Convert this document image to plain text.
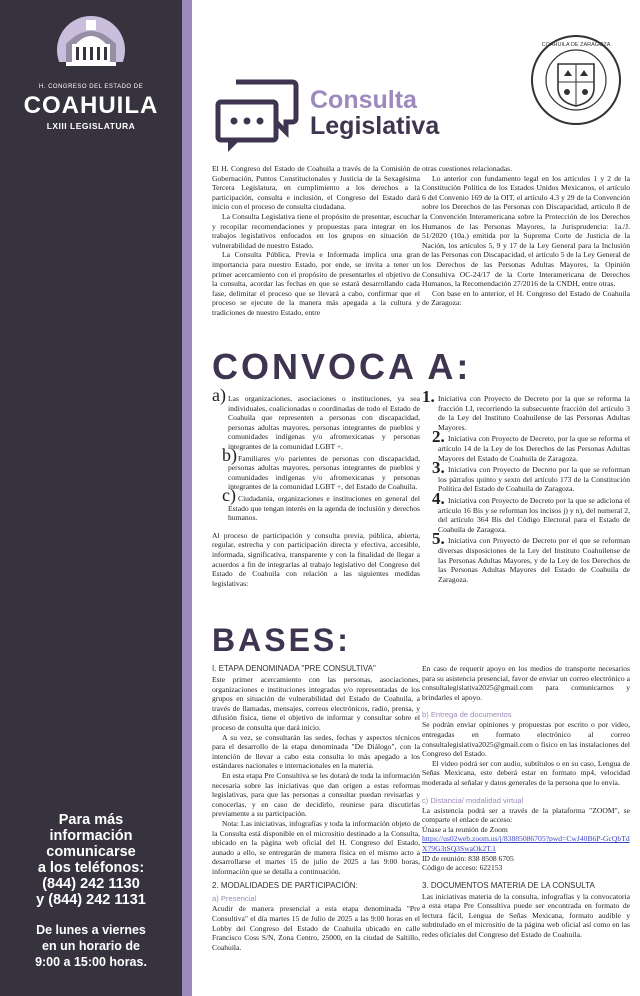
H. CONGRESO DEL ESTADO DE
COAHUILA
LXIII LEGISLATURA
Para más
información
comunicarse
a los teléfonos:
(844) 242 1130
y (844) 242 1131
De lunes a viernes
en un horario de
9:00 a 15:00 horas.
Consulta
Legislativa
COAHUILA DE ZARAGOZA

El H. Congreso del Estado de Coahuila a través de la Comisión de Gobernación, Puntos Constitucionales y Justicia de la Sexagésima Tercera Legislatura, en cumplimiento a los derechos a la participación, consulta e inclusión, el Congreso del Estado dará inicio con el proceso de consulta ciudadana.

La Consulta Legislativa tiene el propósito de presentar, escuchar y recopilar recomendaciones y propuestas para integrar en los trabajos legislativos enfocados en los grupos en situación de vulnerabilidad de nuestro Estado.

La Consulta Pública, Previa e Informada implica una gran importancia para nuestro Estado, por ende, se invita a tener un primer acercamiento con el propósito de presentarles el objetivo de la consulta, acordar las fechas en que se estará desarrollando cada fase, delimitar el proceso que se llevará a cabo, confirmar que el proceso se ejecute de la manera más apegada a la cultura y tradiciones de nuestro Estado, entre

otras cuestiones relacionadas.

Lo anterior con fundamento legal en los artículos 1 y 2 de la Constitución Política de los Estados Unidos Mexicanos, el artículo 6 del Convenio 169 de la OIT, el artículo 4.3 y 29 de la Convención sobre los Derechos de las Personas con Discapacidad, artículo 8 de la Convención Interamericana sobre la Protección de los Derechos Humanos de las Personas Mayores, la Jurisprudencia: 1a./J. 51/2020 (10a.) emitida por la Suprema Corte de Justicia de la Nación, los artículos 5, 9 y 17 de la Ley General para la Inclusión de las Personas con Discapacidad, el artículo 5 de la Ley General de los Derechos de las Personas Adultas Mayores, la Opinión Consultiva OC-24/17 de la Corte Interamericana de Derechos Humanos, la Recomendación 27/2016 de la CNDH, entre otras.

Con base en lo anterior, el H. Congreso del Estado de Coahuila de Zaragoza:

CONVOCA A:
a) Las organizaciones, asociaciones o instituciones, ya sea individuales, coalicionadas o coordinadas de todo el Estado de Coahuila que representen a personas con discapacidad, personas adultas mayores, personas integrantes de pueblos y comunidades indígenas y/o afromexicanas y personas integrantes de la comunidad LGBT +.
b) Familiares y/o parientes de personas con discapacidad, personas adultas mayores, personas integrantes de pueblos y comunidades indígenas y/o afromexicanas y personas integrantes de la comunidad LGBT +, del Estado de Coahuila.
c) Ciudadanía, organizaciones e instituciones en general del Estado que tengan interés en la agenda de inclusión y derechos humanos.

Al proceso de participación y consulta previa, pública, abierta, regular, estrecha y con participación directa y efectiva, accesible, informada, significativa, transparente y con la finalidad de llegar a acuerdos a fin de integrarlas al trabajo legislativo del Congreso del Estado de Coahuila con relación a las siguientes medidas legislativas:

1. Iniciativa con Proyecto de Decreto por la que se reforma la fracción LI, recorriendo la subsecuente fracción del artículo 3 de la Ley del Instituto Coahuilense de las Personas Adultas Mayores.
2. Iniciativa con Proyecto de Decreto, por la que se reforma el artículo 14 de la Ley de los Derechos de las Personas Adultas Mayores del Estado de Coahuila de Zaragoza.
3. Iniciativa con Proyecto de Decreto por la que se reforman los párrafos quinto y sexto del artículo 173 de la Constitución Política del Estado de Coahuila de Zaragoza.
4. Iniciativa con Proyecto de Decreto por la que se adiciona el artículo 16 Bis y se reforman los incisos j) y n), del numeral 2, del artículo 364 Bis del Código Electoral para el Estado de Coahuila de Zaragoza.
5. Iniciativa con Proyecto de Decreto por el que se reforman diversas disposiciones de la Ley del Instituto Coahuilense de las Personas Adultas Mayores, y de la Ley de los Derechos de las Personas Adultas Mayores del Estado de Coahuila de Zaragoza.
BASES:
I. ETAPA DENOMINADA "PRE CONSULTIVA"

Este primer acercamiento con las personas, asociaciones, organizaciones e instituciones integradas y/o representadas de los grupos en situación de vulnerabilidad del Estado de Coahuila, a través de llamadas, mensajes, correos electrónicos, radio, prensa, y difusión física, tiene el objetivo de informar y consultar sobre el proceso de consulta que dará inicio.

A su vez, se consultarán las sedes, fechas y aspectos técnicos para el desarrollo de la etapa denominada "De Diálogo", con la intención de llevar a cabo esta consulta lo más apegado a los estándares nacionales e internacionales en la materia.

En esta etapa Pre Consultiva se les dotará de toda la información necesaria sobre las iniciativas que dan origen a estas reformas legislativas, para que las personas a consultar puedan revisarlas y conocerlas, y en caso de decidirlo, reunirse para discutirlas previamente a su participación.

Nota: Las iniciativas, infografías y toda la información objeto de la Consulta está disponible en el micrositio destinado a la Consulta, ubicado en la página web oficial del H. Congreso del Estado, aunado a ello, se entregarán de manera física en el mismo acto a desarrollarse el martes 15 de julio de 2025 a las 9:00 horas, información que se detalla a continuación.

2. MODALIDADES DE PARTICIPACIÓN:
a) Presencial

Acudir de manera presencial a esta etapa denominada "Pre Consultiva" el día martes 15 de Julio de 2025 a las 9:00 horas en el Lobby del Congreso del Estado de Coahuila ubicado en calle Francisco Coss S/N, Zona Centro, 25000, en la ciudad de Saltillo, Coahuila.

En caso de requerir apoyo en los medios de transporte necesarios para su asistencia presencial, favor de enviar un correo electrónico a consultalegislativa2025@gmail.com para comunicarnos y brindarles el apoyo.

b) Entrega de documentos

Se podrán enviar opiniones y propuestas por escrito o por video, entregadas en formato electrónico al correo consultalegislativa2025@gmail.com o físico en las instalaciones del Congreso del Estado.

El video podrá ser con audio, subtítulos o en su caso, Lengua de Señas Mexicana, este deberá estar en formato mp4, velocidad moderada al señalar y datos generales de la persona que lo envía.

c) Distancia/ modalidad virtual

La asistencia podrá ser a través de la plataforma "ZOOM", se comparte el enlace de acceso:

Únase a la reunión de Zoom

https://us02web.zoom.us/j/83885086705?pwd=CwJ40B6P-GcQbTdX79G3tSQ3SwaOk2T.1

ID de reunión: 838 8508 6705

Código de acceso: 622153

3. DOCUMENTOS MATERIA DE LA CONSULTA

Las iniciativas materia de la consulta, infografías y la convocatoria a esta etapa Pre Consultiva puede ser encontrada en formato de lectura fácil, Lengua de Señas Mexicana, formato audible y subtitulado en el micrositio de la página web oficial así como en las redes oficiales del Congreso del Estado de Coahuila.
